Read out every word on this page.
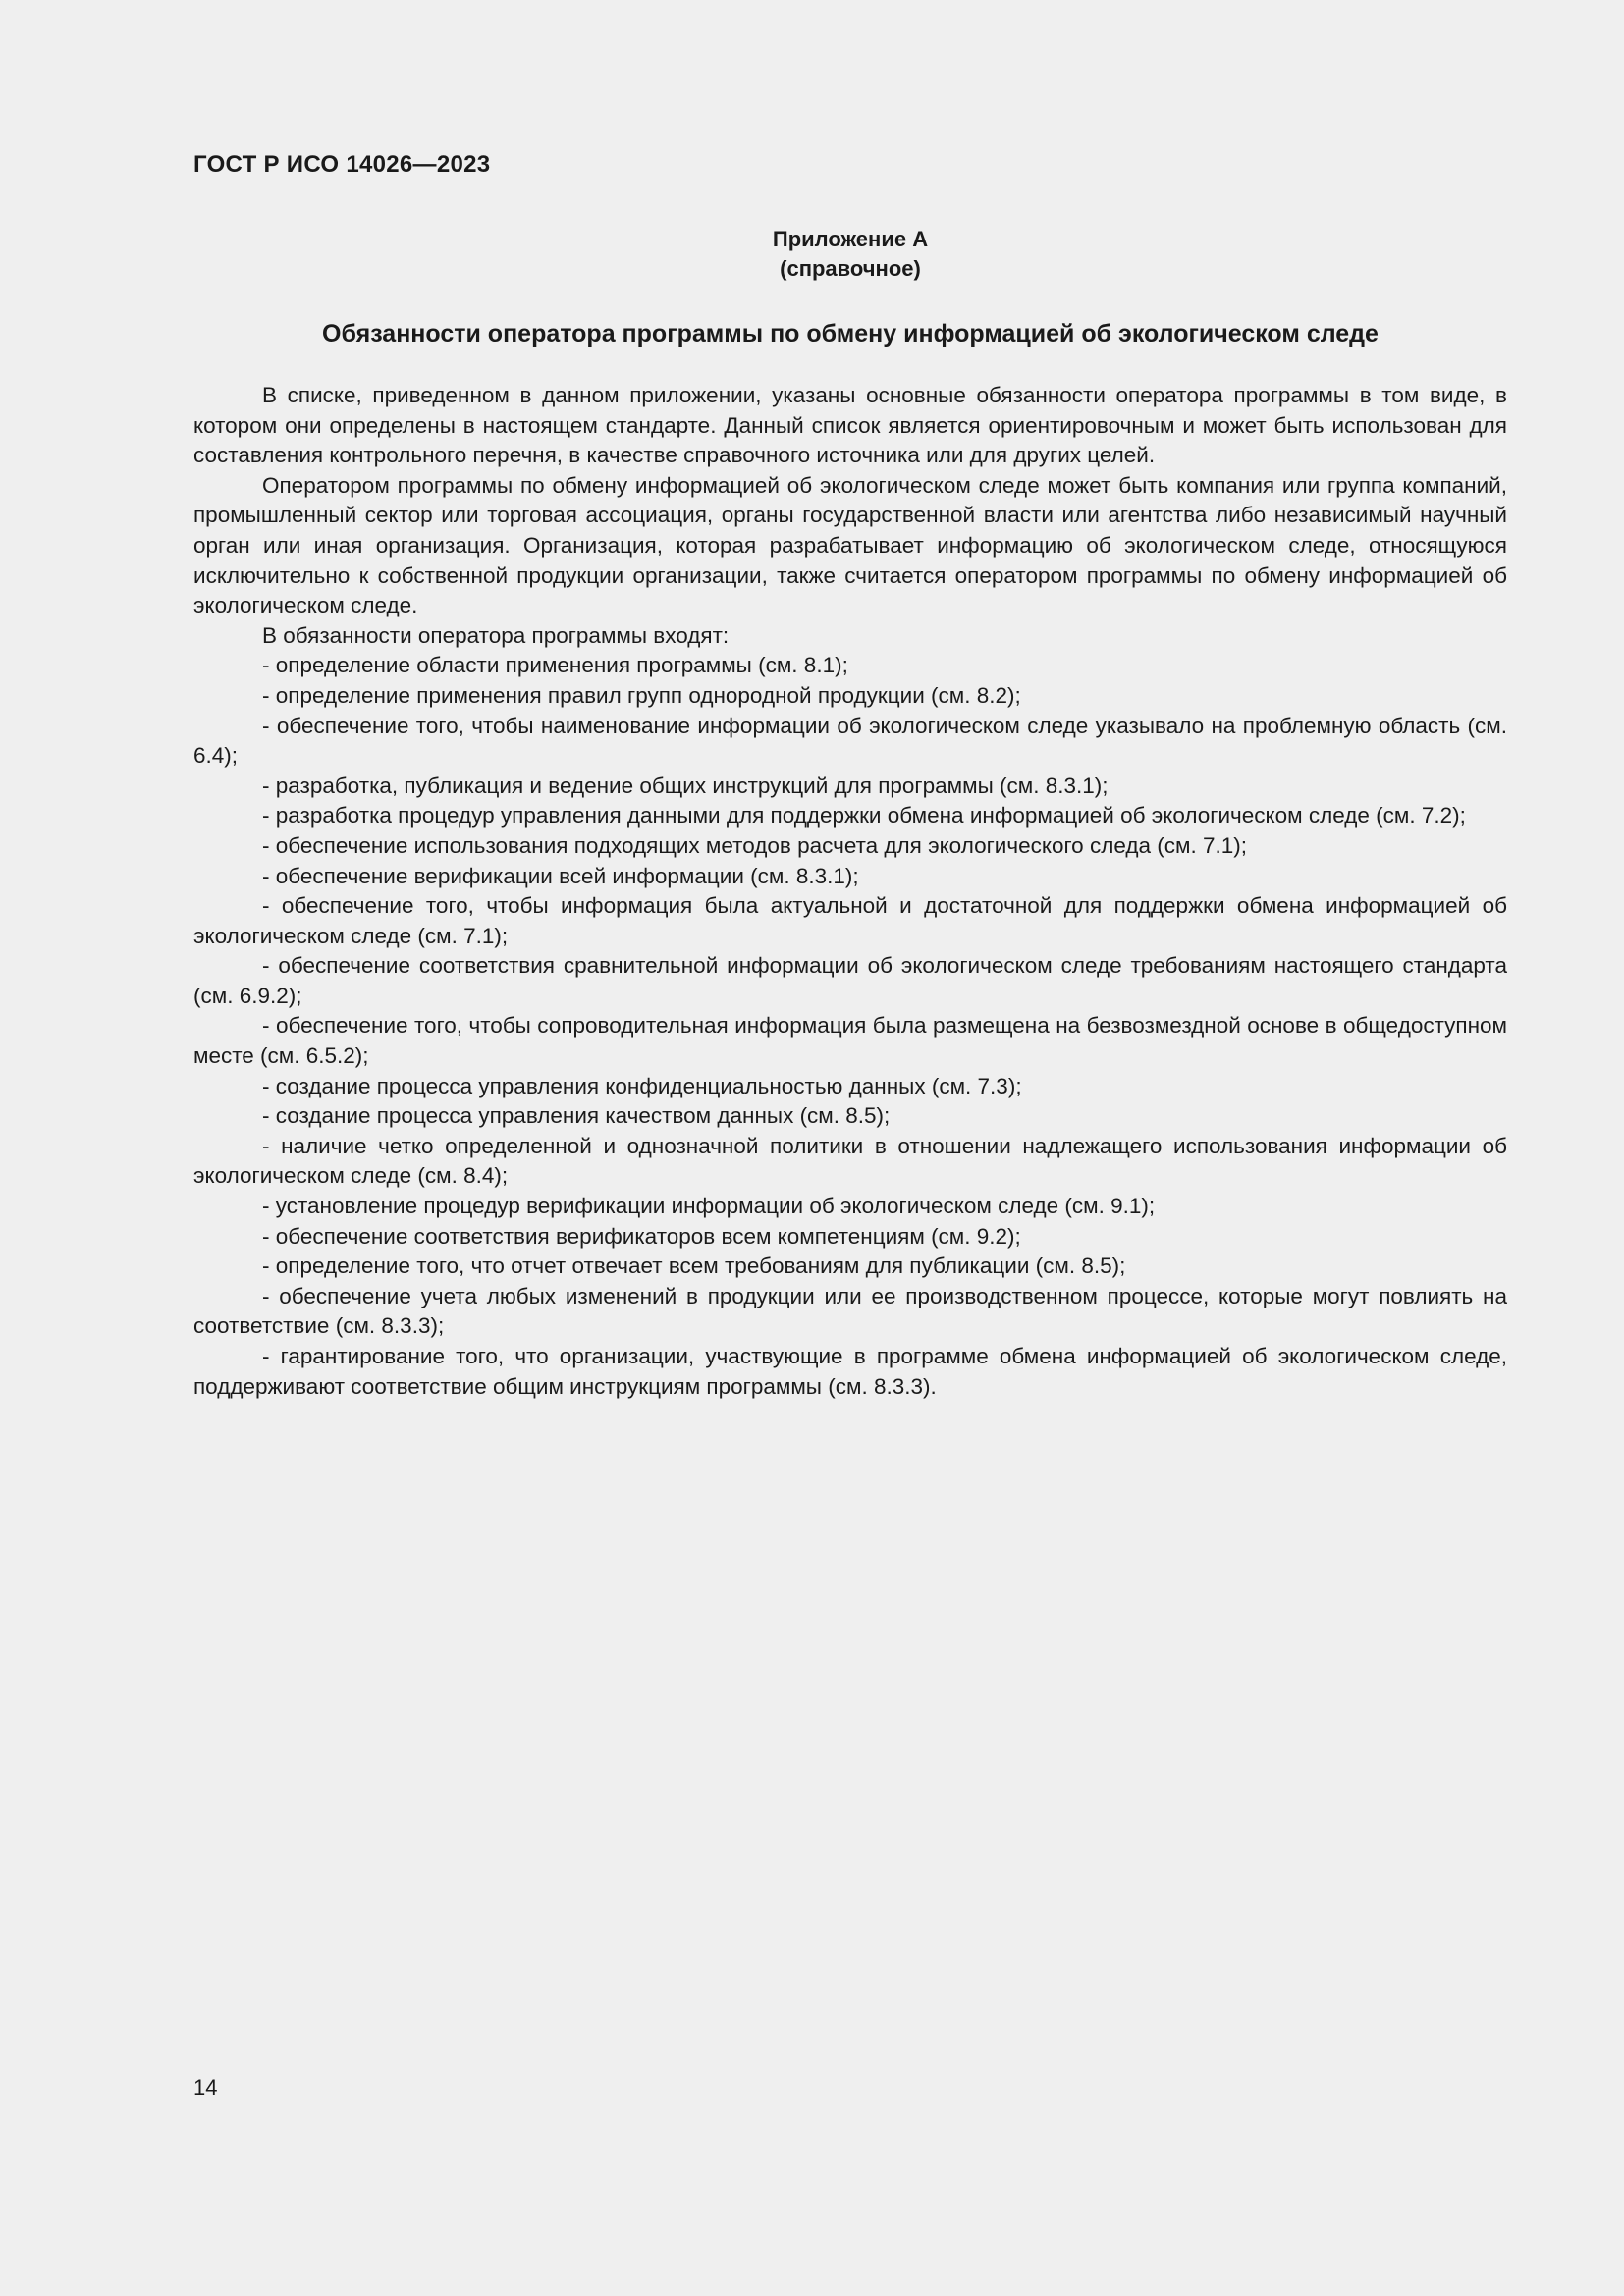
ГОСТ Р ИСО 14026—2023
Приложение А
(справочное)
Обязанности оператора программы по обмену информацией об экологическом следе

В списке, приведенном в данном приложении, указаны основные обязанности оператора программы в том виде, в котором они определены в настоящем стандарте. Данный список является ориентировочным и может быть использован для составления контрольного перечня, в качестве справочного источника или для других целей.

Оператором программы по обмену информацией об экологическом следе может быть компания или группа компаний, промышленный сектор или торговая ассоциация, органы государственной власти или агентства либо независимый научный орган или иная организация. Организация, которая разрабатывает информацию об экологическом следе, относящуюся исключительно к собственной продукции организации, также считается оператором программы по обмену информацией об экологическом следе.

В обязанности оператора программы входят:

- определение области применения программы (см. 8.1);

- определение применения правил групп однородной продукции (см. 8.2);

- обеспечение того, чтобы наименование информации об экологическом следе указывало на проблемную область (см. 6.4);

- разработка, публикация и ведение общих инструкций для программы (см. 8.3.1);

- разработка процедур управления данными для поддержки обмена информацией об экологическом следе (см. 7.2);

- обеспечение использования подходящих методов расчета для экологического следа (см. 7.1);

- обеспечение верификации всей информации (см. 8.3.1);

- обеспечение того, чтобы информация была актуальной и достаточной для поддержки обмена информацией об экологическом следе (см. 7.1);

- обеспечение соответствия сравнительной информации об экологическом следе требованиям настоящего стандарта (см. 6.9.2);

- обеспечение того, чтобы сопроводительная информация была размещена на безвозмездной основе в общедоступном месте (см. 6.5.2);

- создание процесса управления конфиденциальностью данных (см. 7.3);

- создание процесса управления качеством данных (см. 8.5);

- наличие четко определенной и однозначной политики в отношении надлежащего использования информации об экологическом следе (см. 8.4);

- установление процедур верификации информации об экологическом следе (см. 9.1);

- обеспечение соответствия верификаторов всем компетенциям (см. 9.2);

- определение того, что отчет отвечает всем требованиям для публикации (см. 8.5);

- обеспечение учета любых изменений в продукции или ее производственном процессе, которые могут повлиять на соответствие (см. 8.3.3);

- гарантирование того, что организации, участвующие в программе обмена информацией об экологическом следе, поддерживают соответствие общим инструкциям программы (см. 8.3.3).

14
